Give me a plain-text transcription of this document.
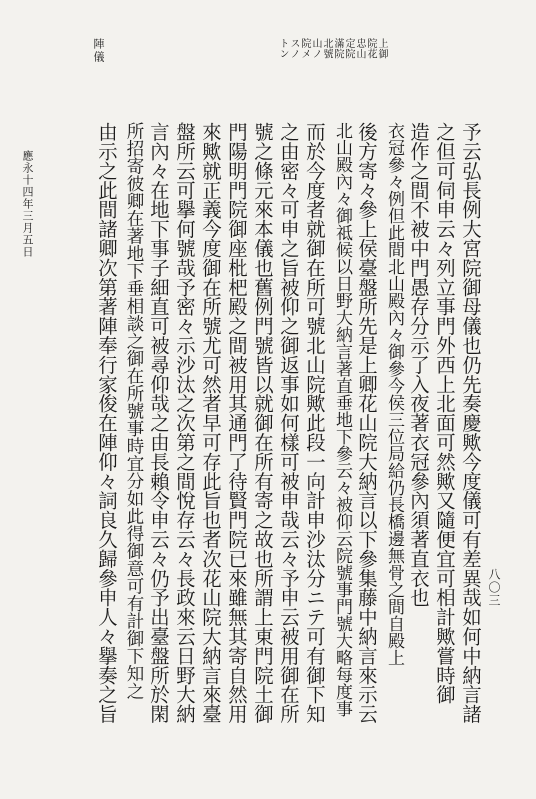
上御
院花
忠山
定院
滿院
北號
山ノ
院メ
スノ
トン
陣儀
予云弘長例大宮院御母儀也仍先奏慶歟今度儀可有差異哉如何中納言諸
之但可伺申云々列立事門外西上北面可然歟又隨便宜可相計歟嘗時御
造作之間不被中門愚存分示了入夜著衣冠參內須著直衣也
衣冠參々例但此間北山殿內々御參今侯三位局給仍長橋邊無骨之間自殿上
後方寄々參上侯臺盤所先是上卿花山院大納言以下參集藤中納言來示云
北山殿內々御祗候以日野大納言著直垂地下參云々被仰云院號事門號大略每度事
而於今度者就御在所可號北山院歟此段一向計申沙汰分ニテ可有御下知
之由密々可申之旨被仰之御返事如何樣可被申哉云々予申云被用御在所
號之條元來本儀也舊例門號皆以就御在所有寄之故也所謂上東門院土御
門陽明門院御座枇杷殿之間被用其通門了待賢門院已來雖無其寄自然用
來歟就正義今度御在所號尤可然者早可存此旨也者次花山院大納言來臺
盤所云可擧何號哉予密々示沙汰之次第之間悅存云々長政來云日野大納
言內々在地下事子細直可被尋仰哉之由長賴令申云々仍予出臺盤所於閑
所招寄彼卿在著地下垂相談之御在所號事時宜分如此得御意可有計御下知之
由示之此間諸卿次第著陣奉行家俊在陣仰々詞良久歸參申人々擧奏之旨
應永十四年三月五日
八〇三
